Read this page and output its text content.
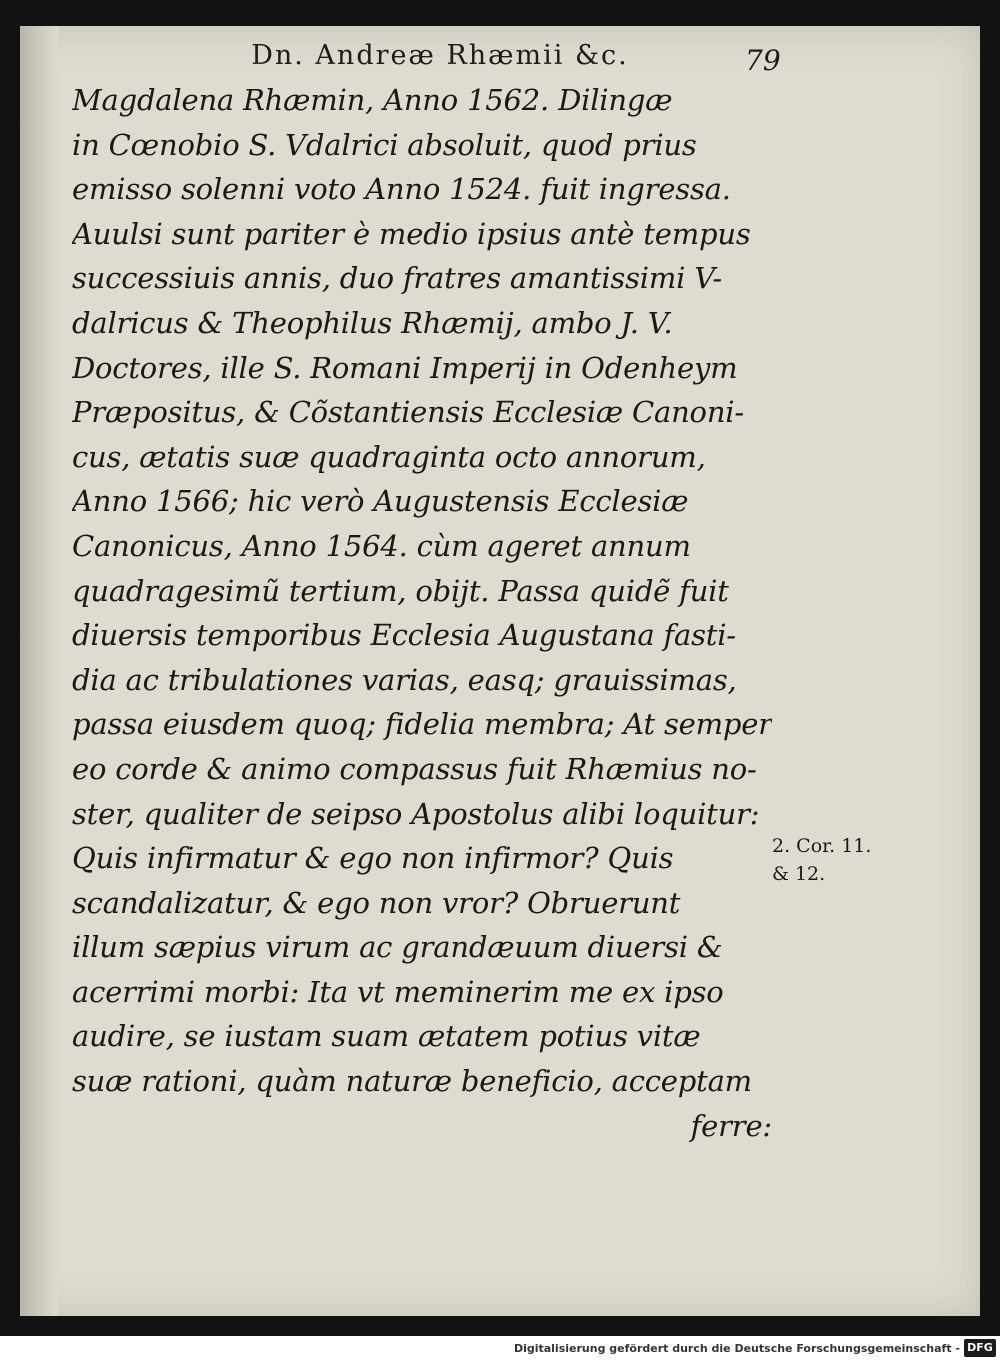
Dn. Andreæ Rhæmii &c.	79
Magdalena Rhæmin, Anno 1562. Dilingæ
in Cœnobio S. Vdalrici absoluit, quod prius
emisso solenni voto Anno 1524. fuit ingressa.
Auulsi sunt pariter è medio ipsius antè tempus
successiuis annis, duo fratres amantissimi V-
dalricus & Theophilus Rhæmij, ambo J. V.
Doctores, ille S. Romani Imperij in Odenheym
Præpositus, & Cõstantiensis Ecclesiæ Canoni-
cus, ætatis suæ quadraginta octo annorum,
Anno 1566; hic verò Augustensis Ecclesiæ
Canonicus, Anno 1564. cùm ageret annum
quadragesimũ tertium, obijt. Passa quidẽ fuit
diuersis temporibus Ecclesia Augustana fasti-
dia ac tribulationes varias, easq; grauissimas,
passa eiusdem quoq; fidelia membra; At semper
eo corde & animo compassus fuit Rhæmius no-
ster, qualiter de seipso Apostolus alibi loquitur:
Quis infirmatur & ego non infirmor? Quis
scandalizatur, & ego non vror? Obruerunt
illum sæpius virum ac grandæuum diuersi &
acerrimi morbi: Ita vt meminerim me ex ipso
audire, se iustam suam ætatem potius vitæ
suæ rationi, quàm naturæ beneficio, acceptam
ferre:
2. Cor. 11.
& 12.
Digitalisierung gefördert durch die Deutsche Forschungsgemeinschaft - DFG
